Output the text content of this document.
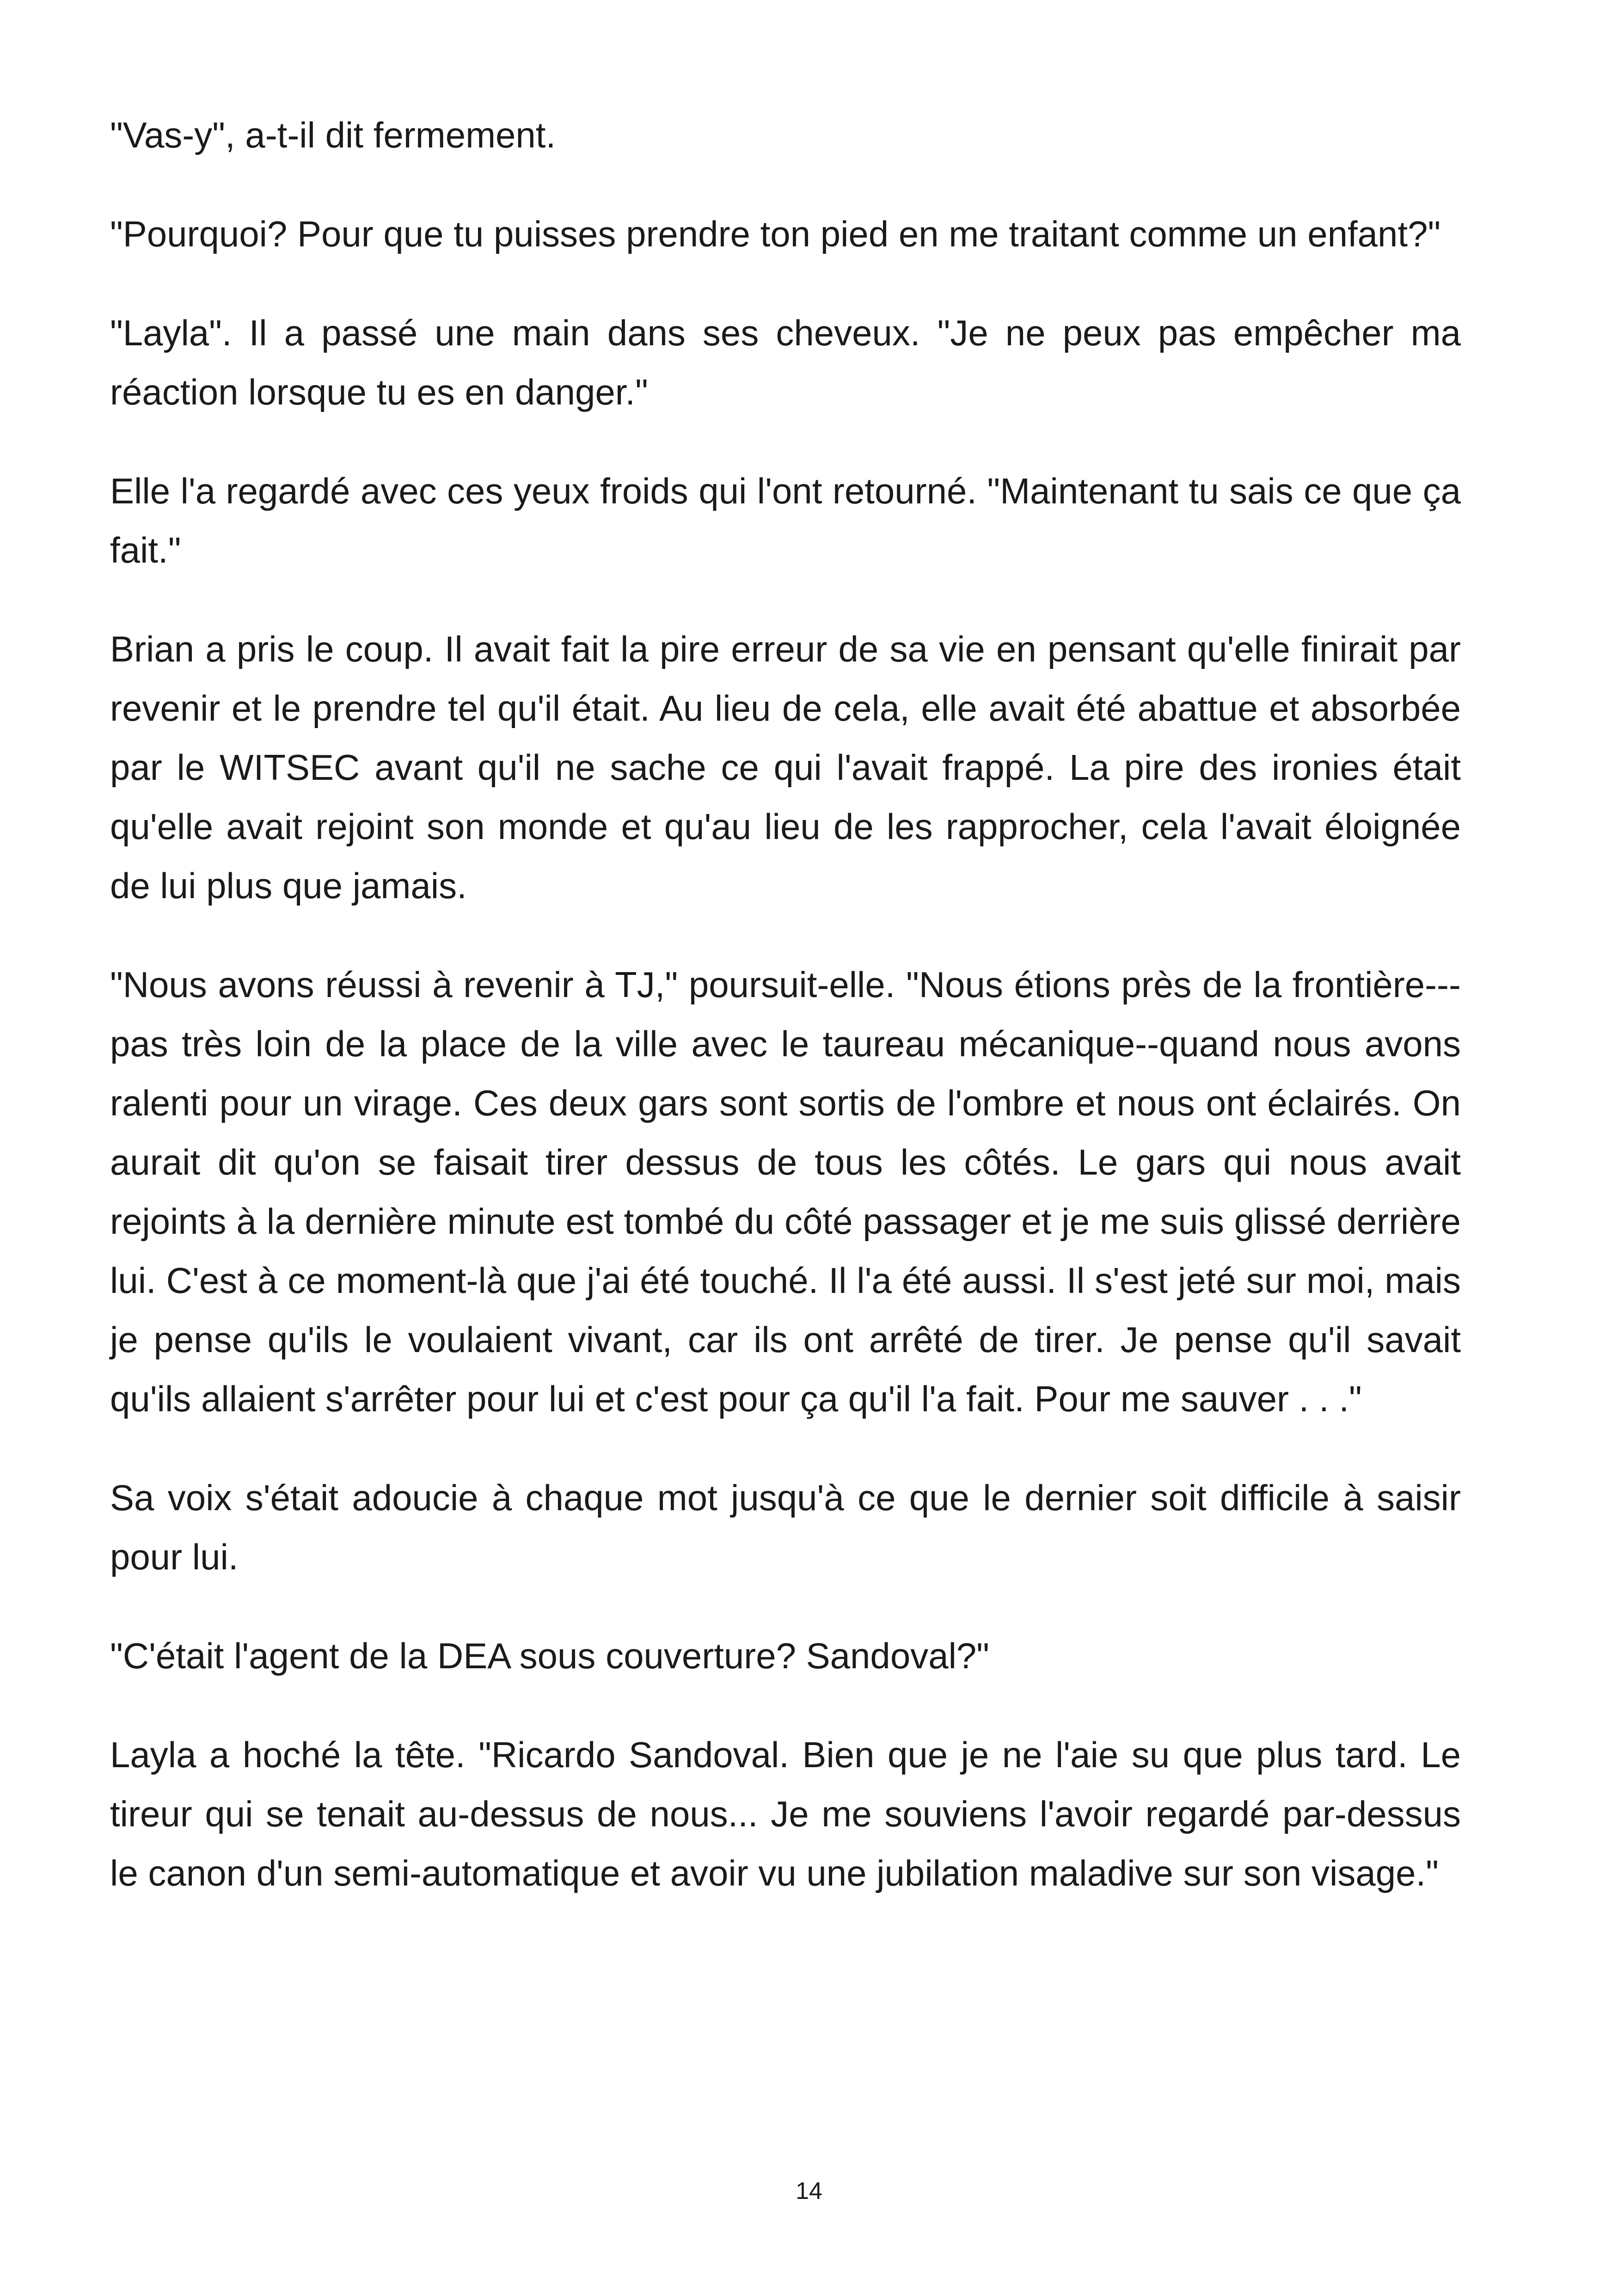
"Vas-y", a-t-il dit fermement.

"Pourquoi? Pour que tu puisses prendre ton pied en me traitant comme un enfant?"

"Layla". Il a passé une main dans ses cheveux. "Je ne peux pas empêcher ma réaction lorsque tu es en danger."

Elle l'a regardé avec ces yeux froids qui l'ont retourné. "Maintenant tu sais ce que ça fait."

Brian a pris le coup. Il avait fait la pire erreur de sa vie en pensant qu'elle finirait par revenir et le prendre tel qu'il était. Au lieu de cela, elle avait été abattue et absorbée par le WITSEC avant qu'il ne sache ce qui l'avait frappé. La pire des ironies était qu'elle avait rejoint son monde et qu'au lieu de les rapprocher, cela l'avait éloignée de lui plus que jamais.

"Nous avons réussi à revenir à TJ," poursuit-elle. "Nous étions près de la frontière---pas très loin de la place de la ville avec le taureau mécanique--quand nous avons ralenti pour un virage. Ces deux gars sont sortis de l'ombre et nous ont éclairés. On aurait dit qu'on se faisait tirer dessus de tous les côtés. Le gars qui nous avait rejoints à la dernière minute est tombé du côté passager et je me suis glissé derrière lui. C'est à ce moment-là que j'ai été touché. Il l'a été aussi. Il s'est jeté sur moi, mais je pense qu'ils le voulaient vivant, car ils ont arrêté de tirer. Je pense qu'il savait qu'ils allaient s'arrêter pour lui et c'est pour ça qu'il l'a fait. Pour me sauver . . ."

Sa voix s'était adoucie à chaque mot jusqu'à ce que le dernier soit difficile à saisir pour lui.

"C'était l'agent de la DEA sous couverture? Sandoval?"

Layla a hoché la tête. "Ricardo Sandoval. Bien que je ne l'aie su que plus tard. Le tireur qui se tenait au-dessus de nous... Je me souviens l'avoir regardé par-dessus le canon d'un semi-automatique et avoir vu une jubilation maladive sur son visage."

14
